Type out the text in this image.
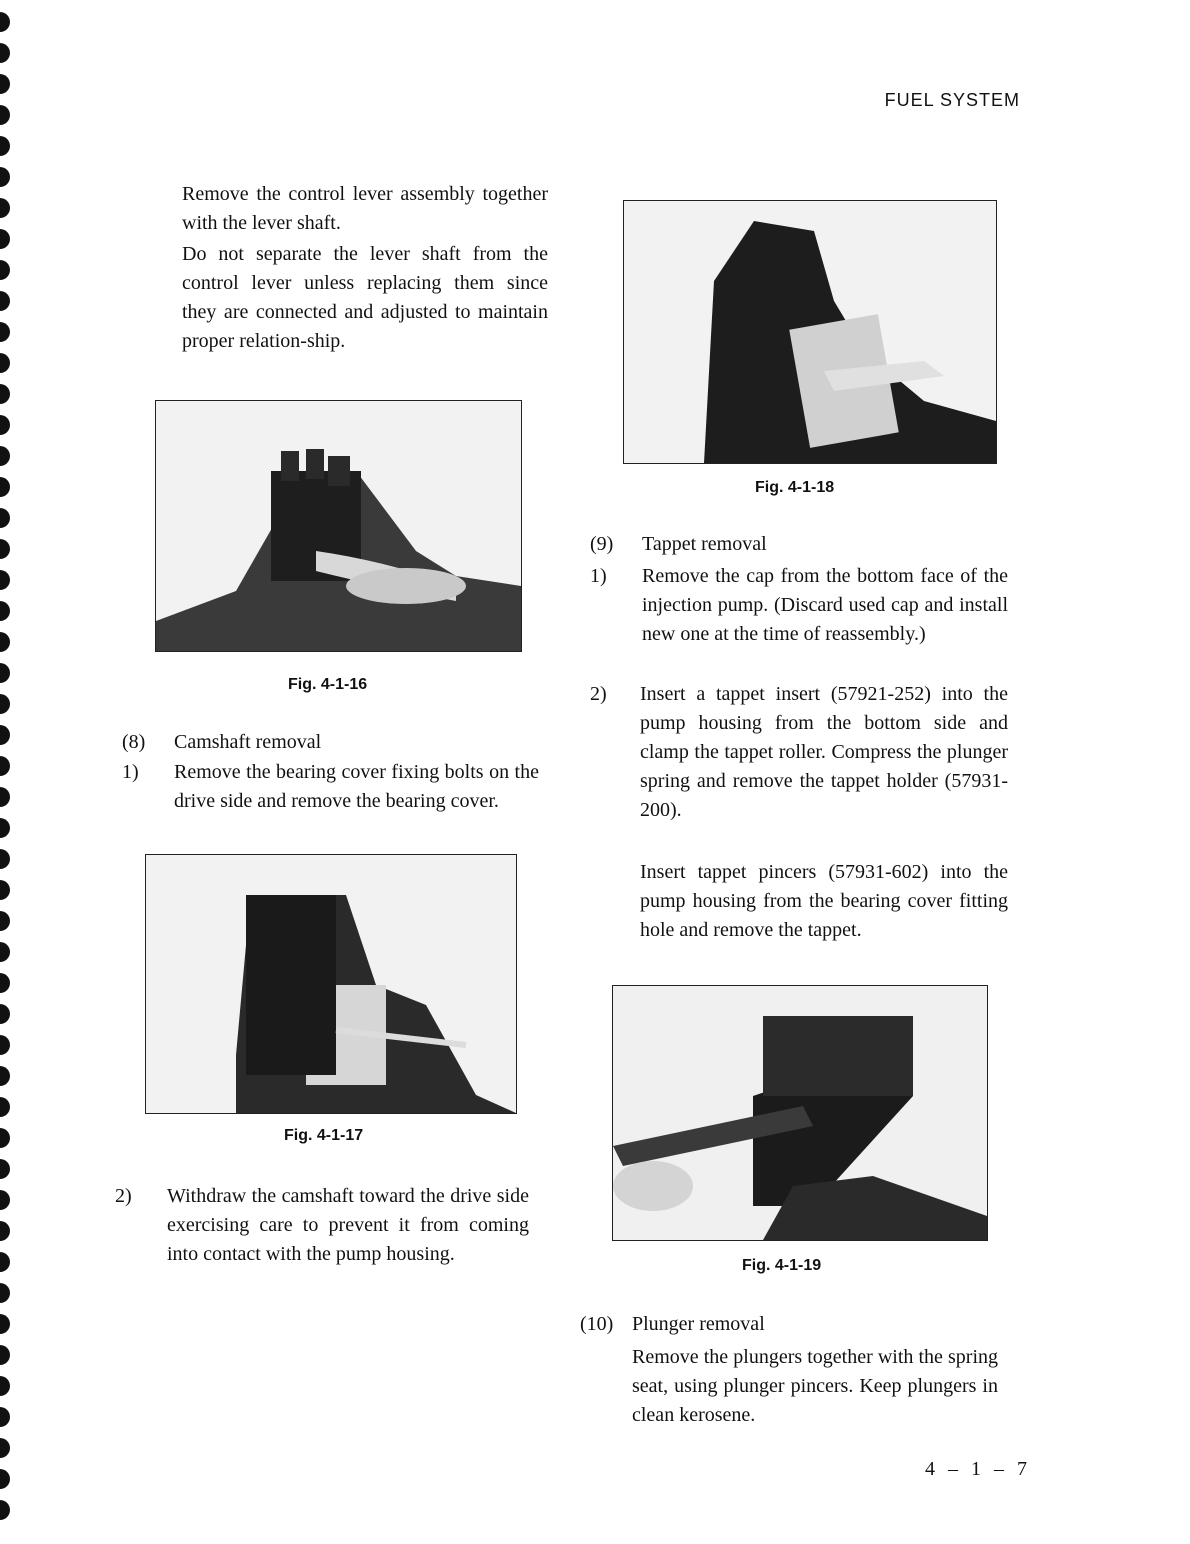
FUEL SYSTEM
Remove the control lever assembly together with the lever shaft.
Do not separate the lever shaft from the control lever unless replacing them since they are connected and adjusted to maintain proper relation-ship.
Fig. 4-1-16
(8) Camshaft removal
1) Remove the bearing cover fixing bolts on the drive side and remove the bearing cover.
Fig. 4-1-17
2) Withdraw the camshaft toward the drive side exercising care to prevent it from coming into contact with the pump housing.
Fig. 4-1-18
(9) Tappet removal
1) Remove the cap from the bottom face of the injection pump. (Discard used cap and install new one at the time of reassembly.)
2) Insert a tappet insert (57921-252) into the pump housing from the bottom side and clamp the tappet roller. Compress the plunger spring and remove the tappet holder (57931-200).
Insert tappet pincers (57931-602) into the pump housing from the bearing cover fitting hole and remove the tappet.
Fig. 4-1-19
(10) Plunger removal
Remove the plungers together with the spring seat, using plunger pincers. Keep plungers in clean kerosene.
4 – 1 – 7
